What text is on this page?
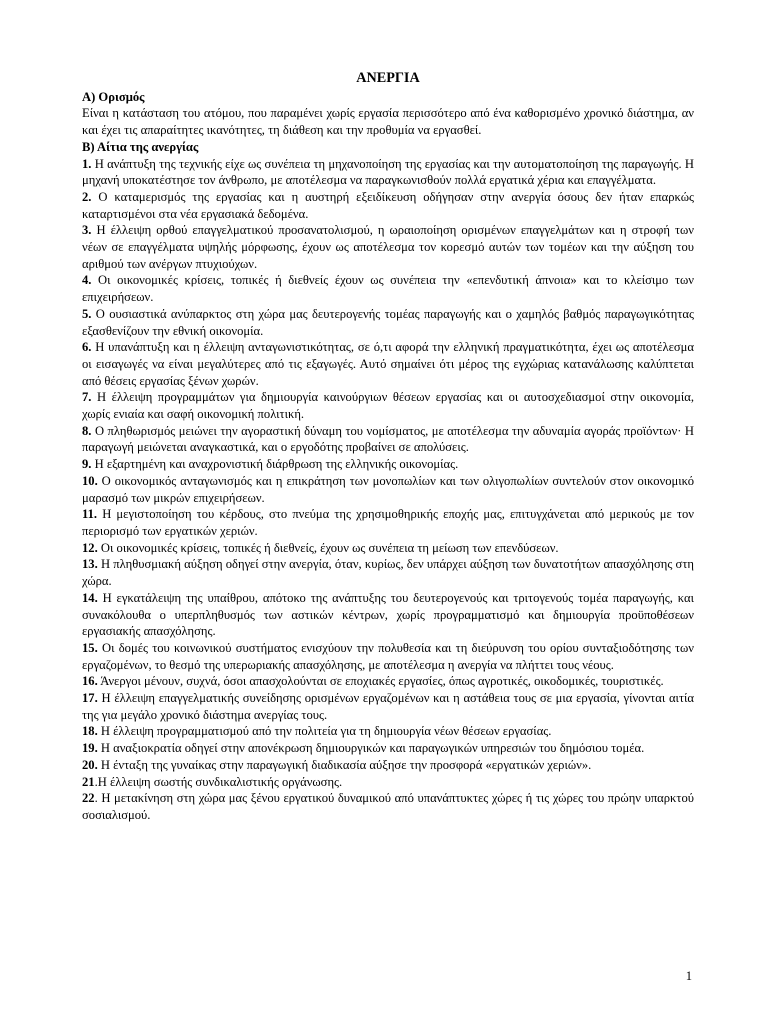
ΑΝΕΡΓΙΑ
Α) Ορισμός

Είναι η κατάσταση του ατόμου, που παραμένει χωρίς εργασία περισσότερο από ένα καθορισμένο χρονικό διάστημα, αν και έχει τις απαραίτητες ικανότητες, τη διάθεση και την προθυμία να εργασθεί.

Β) Αίτια της ανεργίας

1. Η ανάπτυξη της τεχνικής είχε ως συνέπεια τη μηχανοποίηση της εργασίας και την αυτοματοποίηση της παραγωγής. Η μηχανή υποκατέστησε τον άνθρωπο, με αποτέλεσμα να παραγκωνισθούν πολλά εργατικά χέρια και επαγγέλματα.

2. Ο καταμερισμός της εργασίας και η αυστηρή εξειδίκευση οδήγησαν στην ανεργία όσους δεν ήταν επαρκώς καταρτισμένοι στα νέα εργασιακά δεδομένα.

3. Η έλλειψη ορθού επαγγελματικού προσανατολισμού, η ωραιοποίηση ορισμένων επαγγελμάτων και η στροφή των νέων σε επαγγέλματα υψηλής μόρφωσης, έχουν ως αποτέλεσμα τον κορεσμό αυτών των τομέων και την αύξηση του αριθμού των ανέργων πτυχιούχων.

4. Οι οικονομικές κρίσεις, τοπικές ή διεθνείς έχουν ως συνέπεια την «επενδυτική άπνοια» και το κλείσιμο των επιχειρήσεων.

5. Ο ουσιαστικά ανύπαρκτος στη χώρα μας δευτερογενής τομέας παραγωγής και ο χαμηλός βαθμός παραγωγικότητας εξασθενίζουν την εθνική οικονομία.

6. Η υπανάπτυξη και η έλλειψη ανταγωνιστικότητας, σε ό,τι αφορά την ελληνική πραγματικότητα, έχει ως αποτέλεσμα οι εισαγωγές να είναι μεγαλύτερες από τις εξαγωγές. Αυτό σημαίνει ότι μέρος της εγχώριας κατανάλωσης καλύπτεται από θέσεις εργασίας ξένων χωρών.

7. Η έλλειψη προγραμμάτων για δημιουργία καινούργιων θέσεων εργασίας και οι αυτοσχεδιασμοί στην οικονομία, χωρίς ενιαία και σαφή οικονομική πολιτική.

8. Ο πληθωρισμός μειώνει την αγοραστική δύναμη του νομίσματος, με αποτέλεσμα την αδυναμία αγοράς προϊόντων· Η παραγωγή μειώνεται αναγκαστικά, και ο εργοδότης προβαίνει σε απολύσεις.

9. Η εξαρτημένη και αναχρονιστική διάρθρωση της ελληνικής οικονομίας.

10. Ο οικονομικός ανταγωνισμός και η επικράτηση των μονοπωλίων και των ολιγοπωλίων συντελούν στον οικονομικό μαρασμό των μικρών επιχειρήσεων.

11. Η μεγιστοποίηση του κέρδους, στο πνεύμα της χρησιμοθηρικής εποχής μας, επιτυγχάνεται από μερικούς με τον περιορισμό των εργατικών χεριών.

12. Οι οικονομικές κρίσεις, τοπικές ή διεθνείς, έχουν ως συνέπεια τη μείωση των επενδύσεων.

13. Η πληθυσμιακή αύξηση οδηγεί στην ανεργία, όταν, κυρίως, δεν υπάρχει αύξηση των δυνατοτήτων απασχόλησης στη χώρα.

14. Η εγκατάλειψη της υπαίθρου, απότοκο της ανάπτυξης του δευτερογενούς και τριτογενούς τομέα παραγωγής, και συνακόλουθα ο υπερπληθυσμός των αστικών κέντρων, χωρίς προγραμματισμό και δημιουργία προϋποθέσεων εργασιακής απασχόλησης.

15. Οι δομές του κοινωνικού συστήματος ενισχύουν την πολυθεσία και τη διεύρυνση του ορίου συνταξιοδότησης των εργαζομένων, το θεσμό της υπερωριακής απασχόλησης, με αποτέλεσμα η ανεργία να πλήττει τους νέους.

16. Άνεργοι μένουν, συχνά, όσοι απασχολούνται σε εποχιακές εργασίες, όπως αγροτικές, οικοδομικές, τουριστικές.

17. Η έλλειψη επαγγελματικής συνείδησης ορισμένων εργαζομένων και η αστάθεια τους σε μια εργασία, γίνονται αιτία της για μεγάλο χρονικό διάστημα ανεργίας τους.

18. Η έλλειψη προγραμματισμού από την πολιτεία για τη δημιουργία νέων θέσεων εργασίας.

19. Η αναξιοκρατία οδηγεί στην απονέκρωση δημιουργικών και παραγωγικών υπηρεσιών του δημόσιου τομέα.

20. Η ένταξη της γυναίκας στην παραγωγική διαδικασία αύξησε την προσφορά «εργατικών χεριών».

21.Η έλλειψη σωστής συνδικαλιστικής οργάνωσης.

22. Η μετακίνηση στη χώρα μας ξένου εργατικού δυναμικού από υπανάπτυκτες χώρες ή τις χώρες του πρώην υπαρκτού σοσιαλισμού.

1
